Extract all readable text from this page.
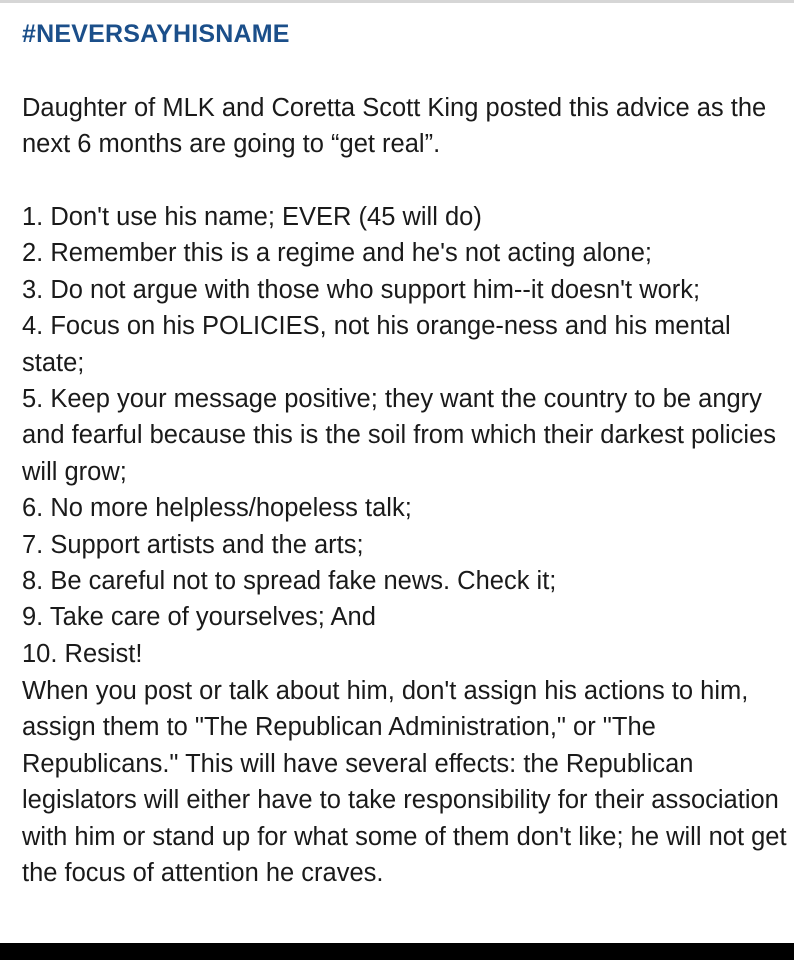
#NEVERSAYHISNAME
Daughter of MLK and Coretta Scott King posted this advice as the next 6 months are going to “get real”.
1. Don't use his name; EVER (45 will do)
2. Remember this is a regime and he's not acting alone;
3. Do not argue with those who support him--it doesn't work;
4. Focus on his POLICIES, not his orange-ness and his mental state;
5. Keep your message positive; they want the country to be angry and fearful because this is the soil from which their darkest policies will grow;
6. No more helpless/hopeless talk;
7. Support artists and the arts;
8. Be careful not to spread fake news. Check it;
9. Take care of yourselves; And
10. Resist!
When you post or talk about him, don't assign his actions to him, assign them to "The Republican Administration," or "The Republicans." This will have several effects: the Republican legislators will either have to take responsibility for their association with him or stand up for what some of them don't like; he will not get the focus of attention he craves.
